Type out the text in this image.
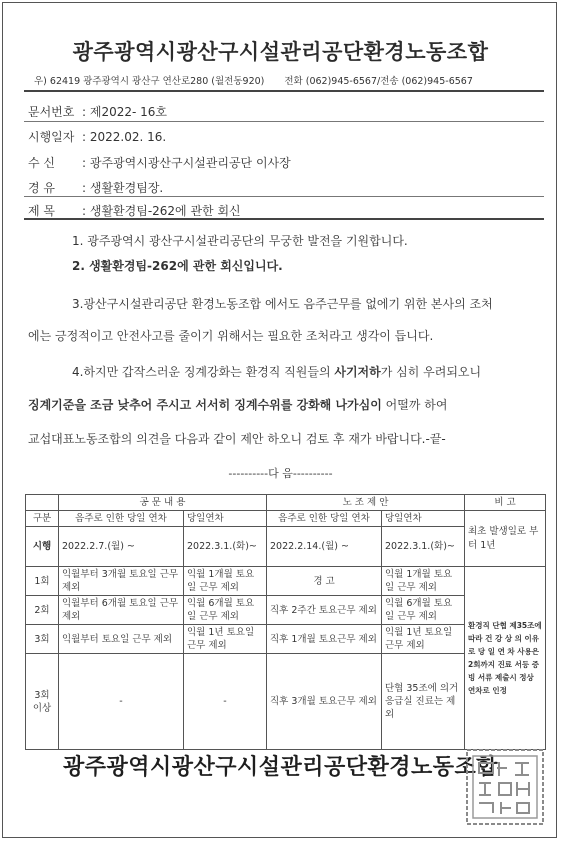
광주광역시광산구시설관리공단환경노동조합
우) 62419 광주광역시 광산구 연산로280 (월전동920) 전화 (062)945-6567/전송 (062)945-6567
문서번호 : 제2022- 16호
시행일자 : 2022.02. 16.
수 신 : 광주광역시광산구시설관리공단 이사장
경 유 : 생활환경팀장.
제 목 : 생활환경팀-262에 관한 회신
1. 광주광역시 광산구시설관리공단의 무궁한 발전을 기원합니다.
2. 생활환경팀-262에 관한 회신입니다.
3.광산구시설관리공단 환경노동조합 에서도 음주근무를 없에기 위한 본사의 조처
에는 긍정적이고 안전사고를 줄이기 위해서는 필요한 조처라고 생각이 듭니다.
4.하지만 갑작스러운 징계강화는 환경직 직원들의 사기저하가 심히 우려되오니
징계기준을 조금 낮추어 주시고 서서히 징계수위를 강화해 나가심이 어떨까 하여
교섭대표노동조합의 의견을 다음과 같이 제안 하오니 검토 후 재가 바랍니다.-끝-
----------다 음----------
	공 문 내 용		노 조 제 안		비 고
구분	음주로 인한 당일 연차	당일연차	음주로 인한 당일 연차	당일연차	최초 발생일로 부터 1년
시행	2022.2.7.(월) ~	2022.3.1.(화)~	2022.2.14.(월) ~	2022.3.1.(화)~	
1회	익월부터 3개월 토요일 근무 제외	익월 1개월 토요일 근무 제외	경 고	익월 1개월 토요일 근무 제외	환경직 단협 제35조에 따라 건 강 상 의 이유로 당 일 연 차 사용은 2회까지 진료 서등 증빙 서류 제출시 정상 연차로 인정
2회	익월부터 6개월 토요일 근무 제외	익월 6개월 토요일 근무 제외	직후 2주간 토요근무 제외	익월 6개월 토요일 근무 제외	
3회	익월부터 토요일 근무 제외	익월 1년 토요일 근무 제외	직후 1개월 토요근무 제외	익월 1년 토요일 근무 제외	
3회 이상	-	-	직후 3개월 토요근무 제외	단협 35조에 의거 응급실 진료는 제외	
광주광역시광산구시설관리공단환경노동조합
